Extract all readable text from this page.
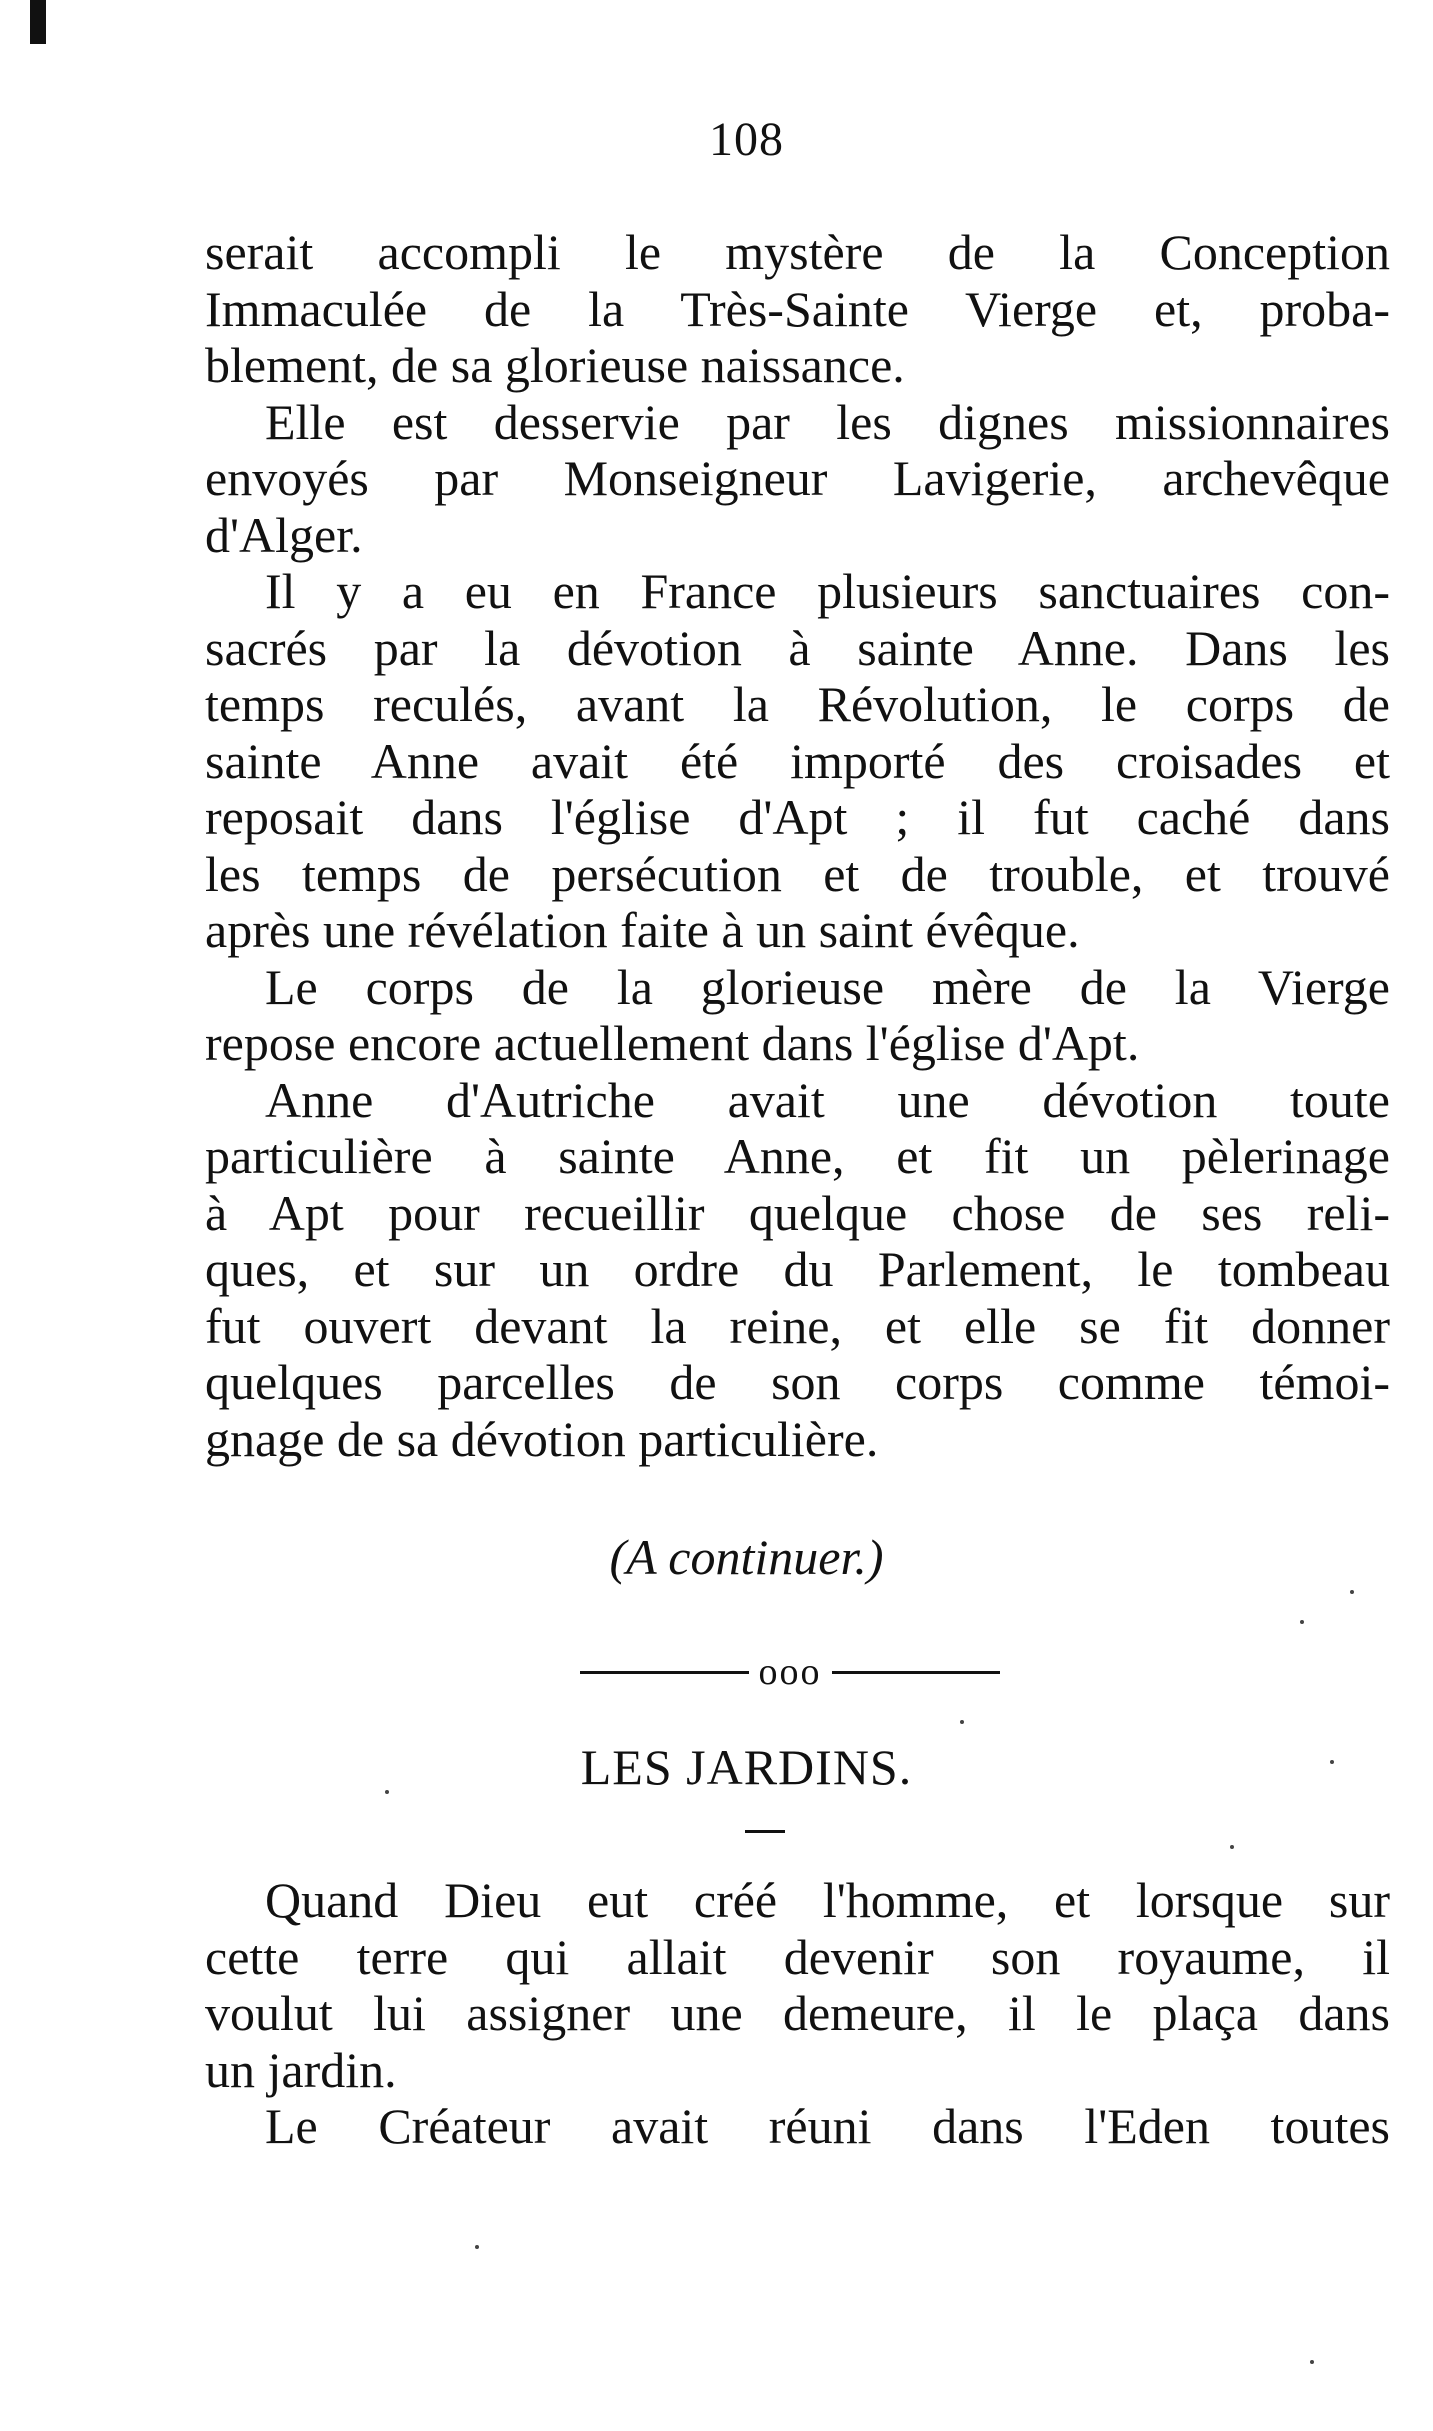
108

serait accompli le mystère de la Conception
Immaculée de la Très-Sainte Vierge et, proba-
blement, de sa glorieuse naissance.

Elle est desservie par les dignes missionnaires
envoyés par Monseigneur Lavigerie, archevêque
d'Alger.

Il y a eu en France plusieurs sanctuaires con-
sacrés par la dévotion à sainte Anne. Dans les
temps reculés, avant la Révolution, le corps de
sainte Anne avait été importé des croisades et
reposait dans l'église d'Apt ; il fut caché dans
les temps de persécution et de trouble, et trouvé
après une révélation faite à un saint évêque.

Le corps de la glorieuse mère de la Vierge
repose encore actuellement dans l'église d'Apt.

Anne d'Autriche avait une dévotion toute
particulière à sainte Anne, et fit un pèlerinage
à Apt pour recueillir quelque chose de ses reli-
ques, et sur un ordre du Parlement, le tombeau
fut ouvert devant la reine, et elle se fit donner
quelques parcelles de son corps comme témoi-
gnage de sa dévotion particulière.

(A continuer.)
ooo
LES JARDINS.

Quand Dieu eut créé l'homme, et lorsque sur
cette terre qui allait devenir son royaume, il
voulut lui assigner une demeure, il le plaça dans
un jardin.

Le Créateur avait réuni dans l'Eden toutes
